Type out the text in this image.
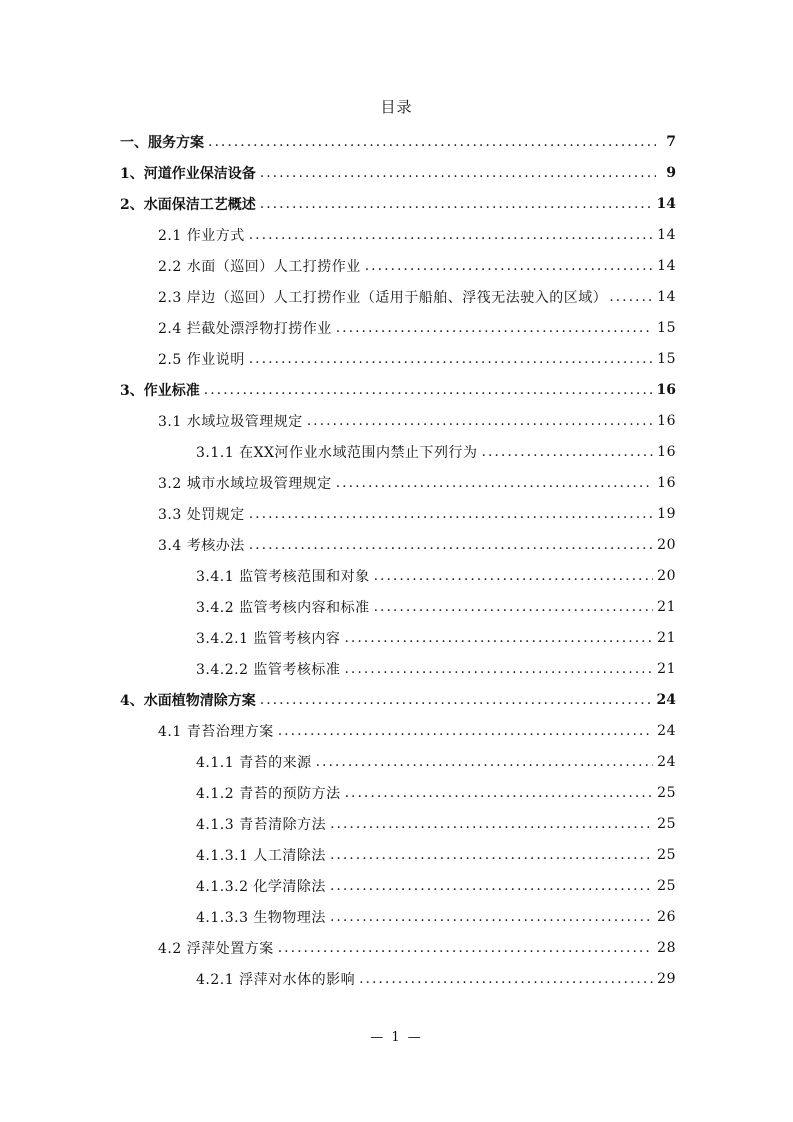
目录
一、服务方案 .....	7
1、河道作业保洁设备 .....	9
2、水面保洁工艺概述 .....	14
2.1 作业方式 .....	14
2.2 水面（巡回）人工打捞作业 .....	14
2.3 岸边（巡回）人工打捞作业（适用于船舶、浮筏无法驶入的区域） .....	14
2.4 拦截处漂浮物打捞作业 .....	15
2.5 作业说明 .....	15
3、作业标准 .....	16
3.1 水域垃圾管理规定 .....	16
3.1.1 在XX河作业水域范围内禁止下列行为 .....	16
3.2 城市水域垃圾管理规定 .....	16
3.3 处罚规定 .....	19
3.4 考核办法 .....	20
3.4.1 监管考核范围和对象 .....	20
3.4.2 监管考核内容和标准 .....	21
3.4.2.1 监管考核内容 .....	21
3.4.2.2 监管考核标准 .....	21
4、水面植物清除方案 .....	24
4.1 青苔治理方案 .....	24
4.1.1 青苔的来源 .....	24
4.1.2 青苔的预防方法 .....	25
4.1.3 青苔清除方法 .....	25
4.1.3.1 人工清除法 .....	25
4.1.3.2 化学清除法 .....	25
4.1.3.3 生物物理法 .....	26
4.2 浮萍处置方案 .....	28
4.2.1 浮萍对水体的影响 .....	29
— 1 —
